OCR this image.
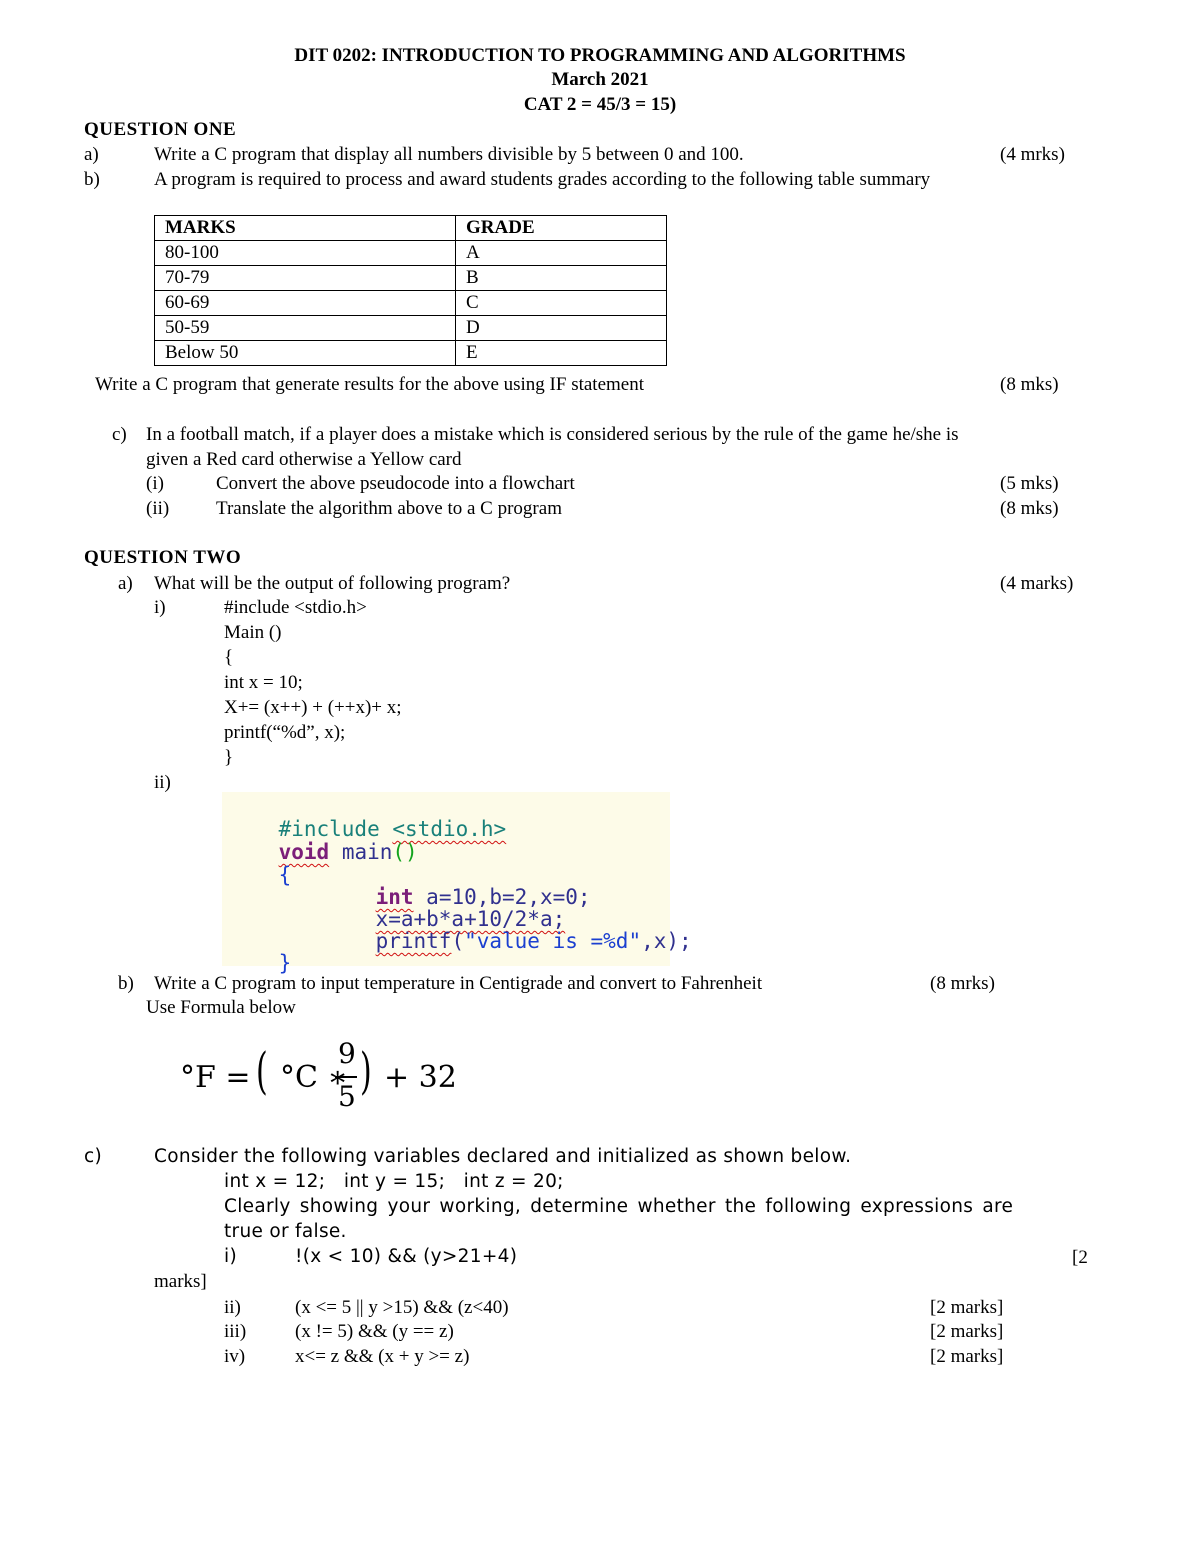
DIT 0202: INTRODUCTION TO PROGRAMMING AND ALGORITHMS
March 2021
CAT 2 = 45/3 = 15)
QUESTION ONE
a)	Write a C program that display all numbers divisible by 5 between 0 and 100.	(4 mrks)
b)	A program is required to process and award students grades according to the following table summary
MARKS	GRADE
80-100	A
70-79	B
60-69	C
50-59	D
Below 50	E
Write a C program that generate results for the above using IF statement	(8 mks)
c) In a football match, if a player does a mistake which is considered serious by the rule of the game he/she is
given a Red card otherwise a Yellow card
(i)	Convert the above pseudocode into a flowchart	(5 mks)
(ii) Translate the algorithm above to a C program	(8 mks)
QUESTION TWO
a) What will be the output of following program?	(4 marks)
i)	#include <stdio.h>
Main ()
{
int x = 10;
X+= (x++) + (++x)+ x;
printf(“%d”, x);
}
ii)

#include <stdio.h>

void main()

{

int a=10,b=2,x=0;

x=a+b*a+10/2*a;

printf("value is =%d",x);

}

b) Write a C program to input temperature in Centigrade and convert to Fahrenheit	(8 mrks)
Use Formula below
°F = ( °C ∗
9
5 ) + 32
c)	Consider the following variables declared and initialized as shown below.
int x = 12;   int y = 15;   int z = 20;
Clearly showing your working, determine whether the following expressions are
true or false.
i)	!(x < 10) && (y>21+4)	[2
marks]
ii)	(x <= 5 || y >15) && (z<40)	[2 marks]
iii)	(x != 5) && (y == z)	[2 marks]
iv)	x<= z && (x + y >= z)	[2 marks]
